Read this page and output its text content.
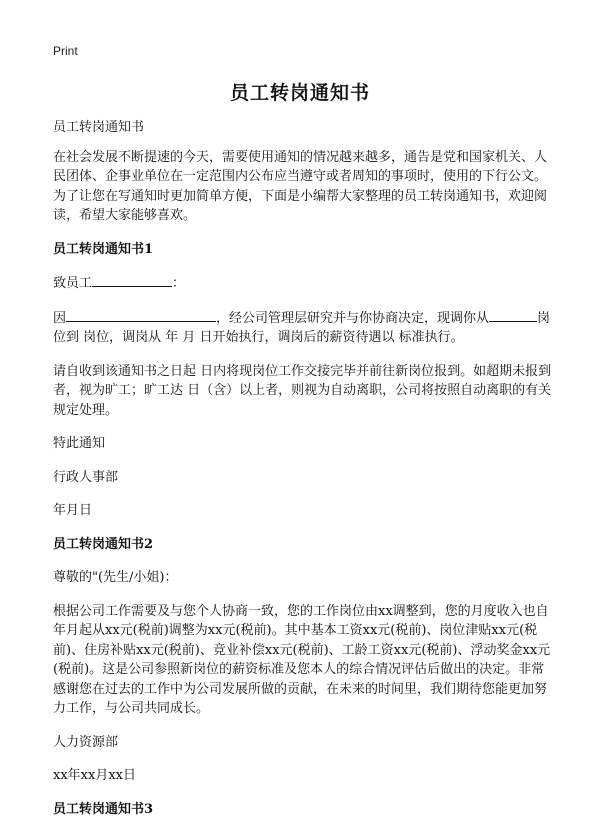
Print
员工转岗通知书

员工转岗通知书

在社会发展不断提速的今天，需要使用通知的情况越来越多，通告是党和国家机关、人民团体、企事业单位在一定范围内公布应当遵守或者周知的事项时，使用的下行公文。为了让您在写通知时更加简单方便，下面是小编帮大家整理的员工转岗通知书，欢迎阅读，希望大家能够喜欢。

员工转岗通知书1

致员工	：

因	，经公司管理层研究并与你协商决定，现调你从	岗位到 岗位，调岗从 年 月 日开始执行，调岗后的薪资待遇以 标准执行。

请自收到该通知书之日起 日内将现岗位工作交接完毕并前往新岗位报到。如超期未报到者，视为旷工；旷工达 日（含）以上者，则视为自动离职，公司将按照自动离职的有关规定处理。

特此通知

行政人事部

年月日

员工转岗通知书2

尊敬的"(先生/小姐)：

根据公司工作需要及与您个人协商一致，您的工作岗位由xx调整到，您的月度收入也自年月起从xx元(税前)调整为xx元(税前)。其中基本工资xx元(税前)、岗位津贴xx元(税前)、住房补贴xx元(税前)、竞业补偿xx元(税前)、工龄工资xx元(税前)、浮动奖金xx元(税前)。这是公司参照新岗位的薪资标准及您本人的综合情况评估后做出的决定。非常感谢您在过去的工作中为公司发展所做的贡献，在未来的时间里，我们期待您能更加努力工作，与公司共同成长。

人力资源部

xx年xx月xx日

员工转岗通知书3
